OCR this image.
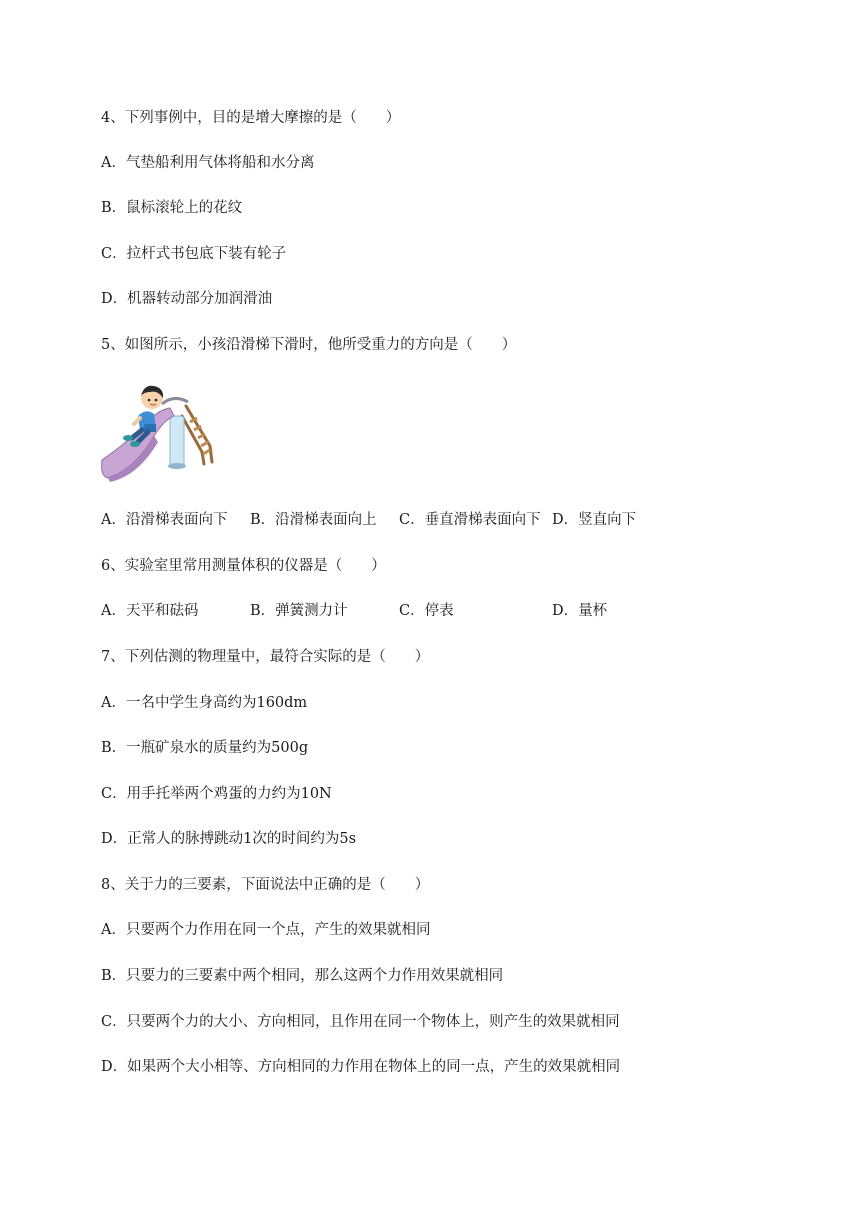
4、下列事例中，目的是增大摩擦的是（　　）
A．气垫船利用气体将船和水分离
B．鼠标滚轮上的花纹
C．拉杆式书包底下装有轮子
D．机器转动部分加润滑油
5、如图所示，小孩沿滑梯下滑时，他所受重力的方向是（　　）
A．沿滑梯表面向下 B．沿滑梯表面向上 C．垂直滑梯表面向下 D．竖直向下
6、实验室里常用测量体积的仪器是（　　）
A．天平和砝码	B．弹簧测力计	C．停表	D．量杯
7、下列估测的物理量中，最符合实际的是（　　）
A．一名中学生身高约为160dm
B．一瓶矿泉水的质量约为500g
C．用手托举两个鸡蛋的力约为10N
D．正常人的脉搏跳动1次的时间约为5s
8、关于力的三要素，下面说法中正确的是（　　）
A．只要两个力作用在同一个点，产生的效果就相同
B．只要力的三要素中两个相同，那么这两个力作用效果就相同
C．只要两个力的大小、方向相同，且作用在同一个物体上，则产生的效果就相同
D．如果两个大小相等、方向相同的力作用在物体上的同一点，产生的效果就相同
